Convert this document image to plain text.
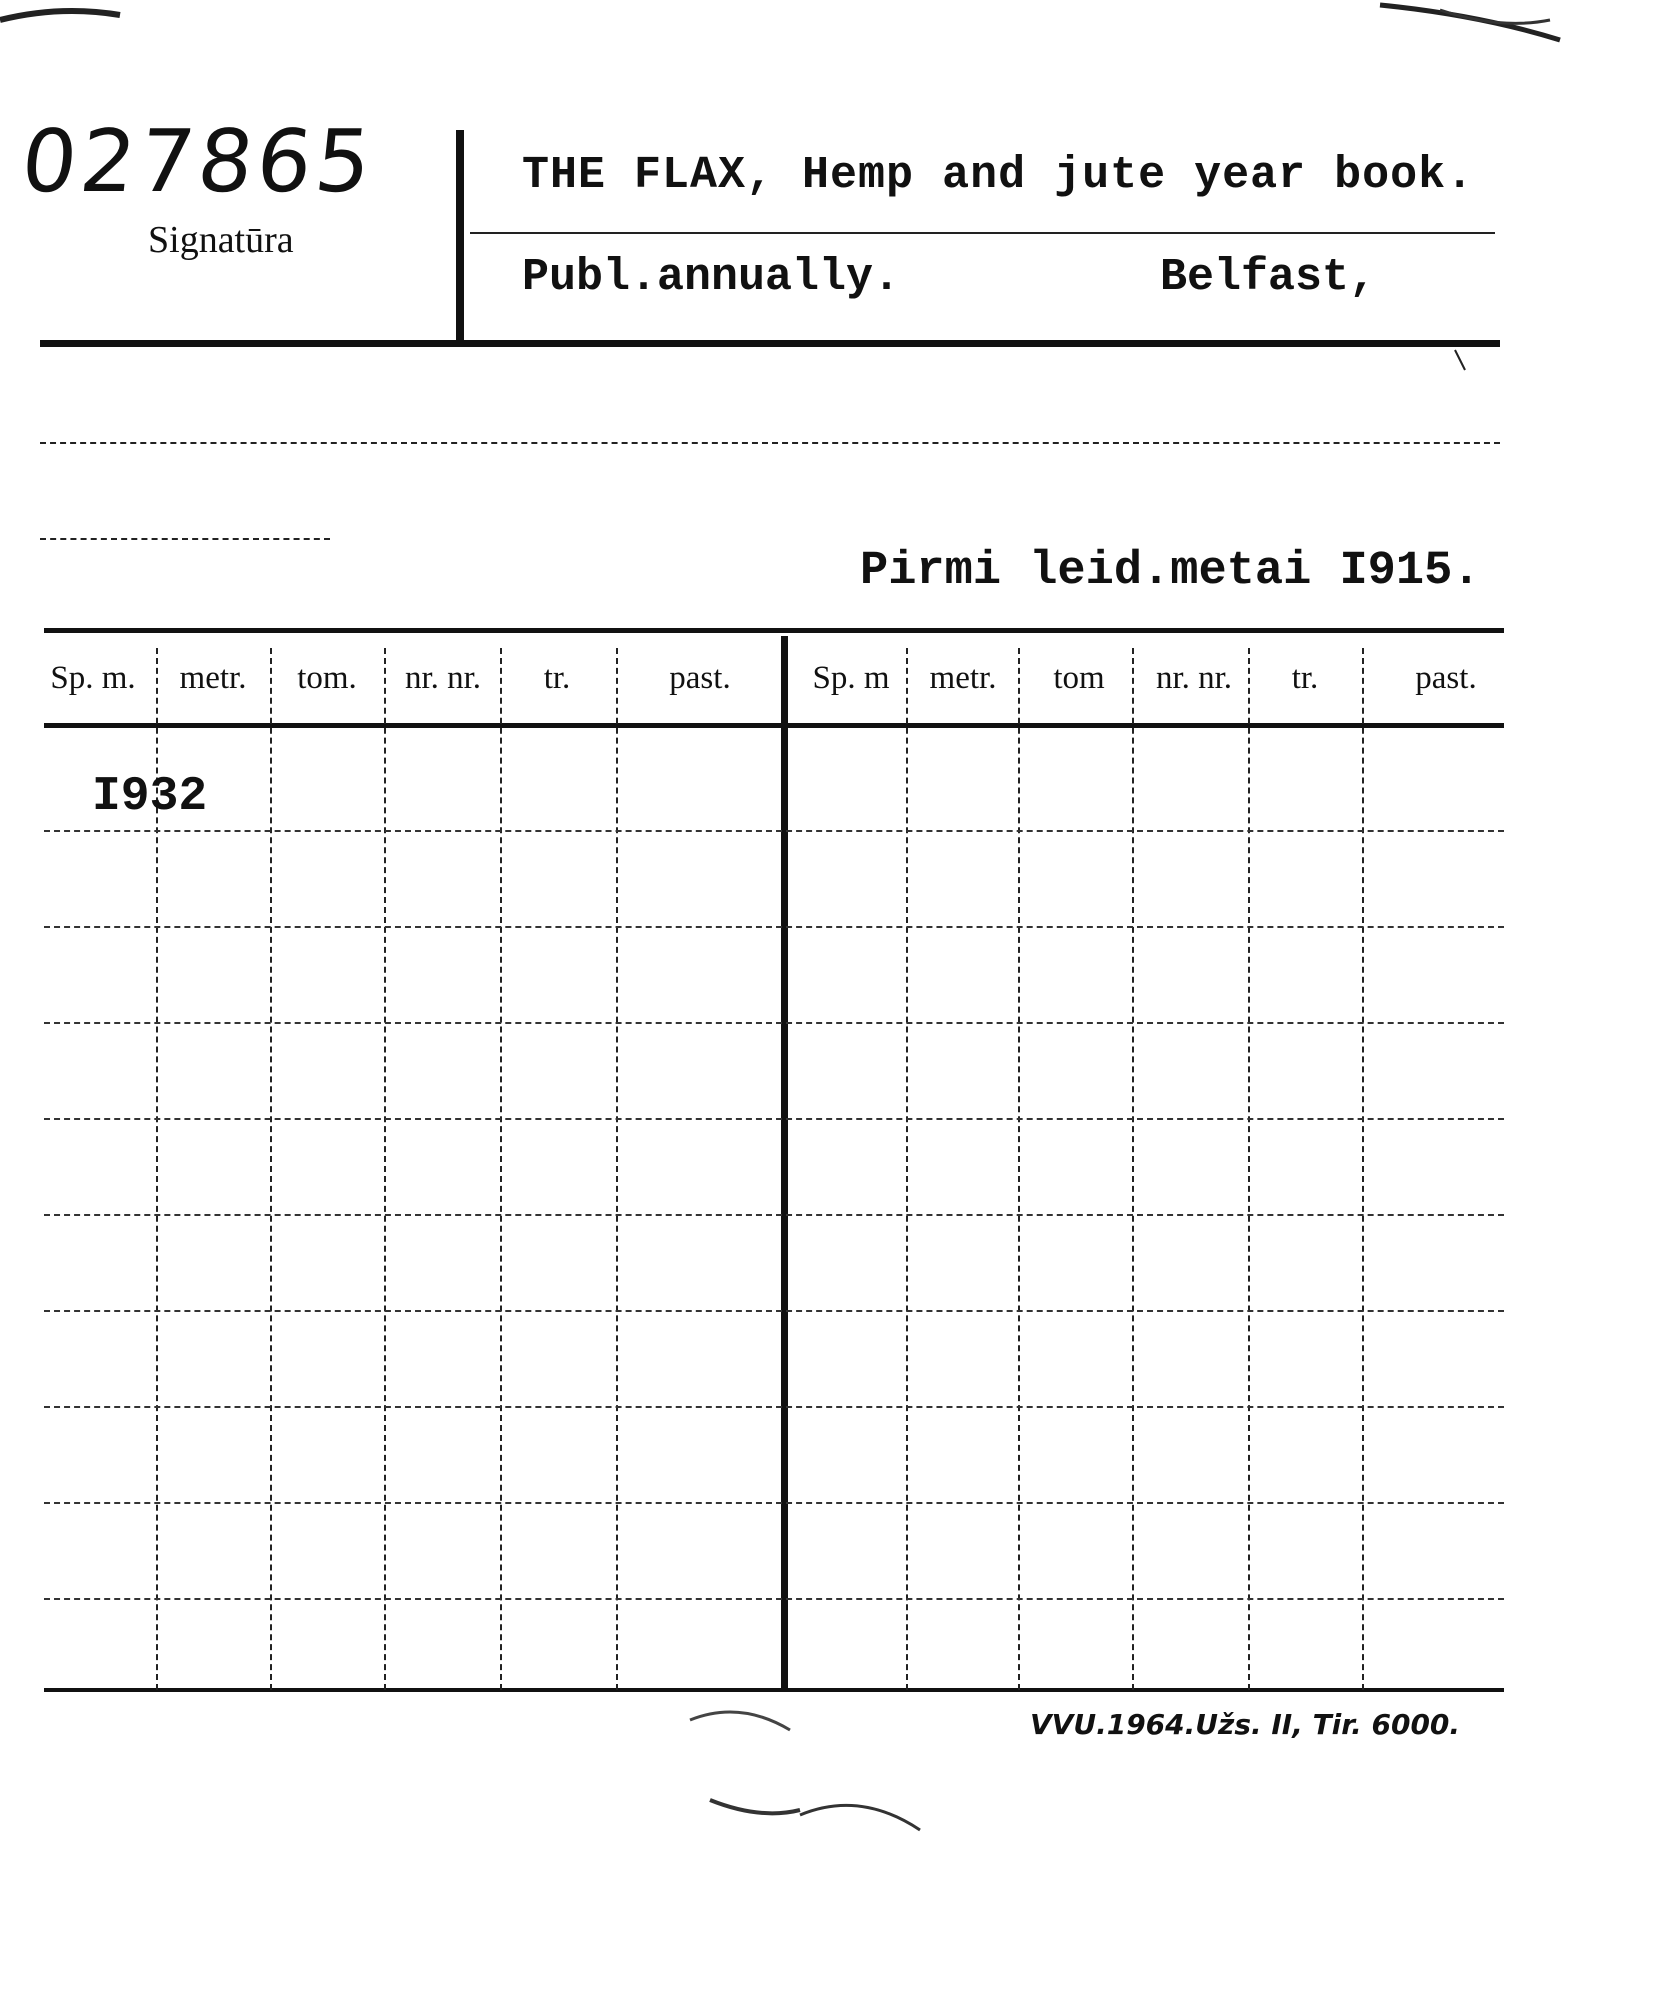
027865
Signatūra
THE FLAX, Hemp and jute year book.
Publ.annually.	Belfast,
Pirmi leid.metai I915.
Sp. m.	metr.	tom.	nr. nr.	tr.	past.	Sp. m	metr.	tom	nr. nr.	tr.	past.
I932
VVU.1964.Užs. II, Tir. 6000.
